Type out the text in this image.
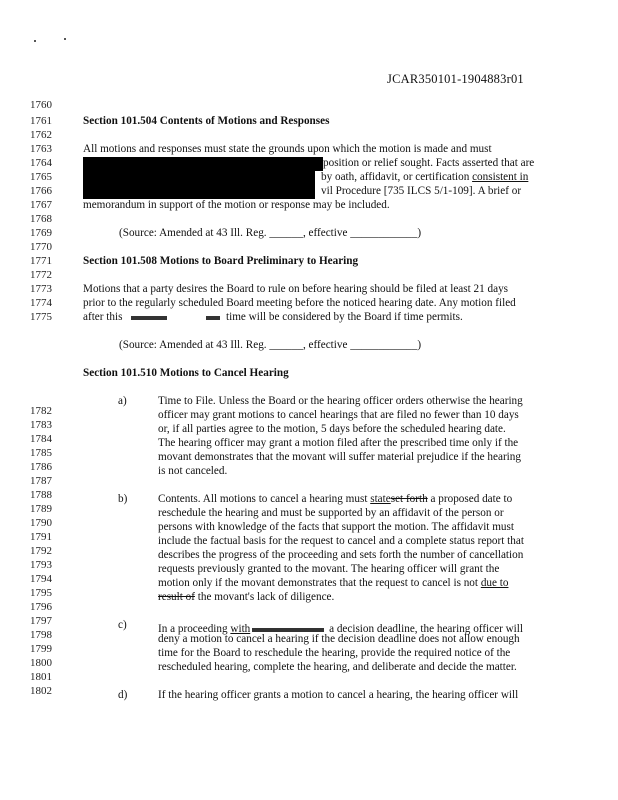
JCAR350101-1904883r01
1760
1761
1762
1763
1764
1765
1766
1767
1768
1769
1770
1771
1772
1773
1774
1775
1782
1783
1784
1785
1786
1787
1788
1789
1790
1791
1792
1793
1794
1795
1796
1797
1798
1799
1800
1801
1802
Section 101.504 Contents of Motions and Responses
All motions and responses must state the grounds upon which the motion is made and must
position or relief sought. Facts asserted that are
by oath, affidavit, or certification consistent in
vil Procedure [735 ILCS 5/1-109]. A brief or
memorandum in support of the motion or response may be included.
(Source: Amended at 43 Ill. Reg. ______, effective ____________)
Section 101.508 Motions to Board Preliminary to Hearing
Motions that a party desires the Board to rule on before hearing should be filed at least 21 days
prior to the regularly scheduled Board meeting before the noticed hearing date. Any motion filed
after this	time will be considered by the Board if time permits.
(Source: Amended at 43 Ill. Reg. ______, effective ____________)
Section 101.510 Motions to Cancel Hearing
a)	Time to File. Unless the Board or the hearing officer orders otherwise the hearing
officer may grant motions to cancel hearings that are filed no fewer than 10 days
or, if all parties agree to the motion, 5 days before the scheduled hearing date.
The hearing officer may grant a motion filed after the prescribed time only if the
movant demonstrates that the movant will suffer material prejudice if the hearing
is not canceled.
b)	Contents. All motions to cancel a hearing must stateset forth a proposed date to
reschedule the hearing and must be supported by an affidavit of the person or
persons with knowledge of the facts that support the motion. The affidavit must
include the factual basis for the request to cancel and a complete status report that
describes the progress of the proceeding and sets forth the number of cancellation
requests previously granted to the movant. The hearing officer will grant the
motion only if the movant demonstrates that the request to cancel is not due to
result of the movant's lack of diligence.
c)	In a proceeding with	a decision deadline, the hearing officer will
deny a motion to cancel a hearing if the decision deadline does not allow enough
time for the Board to reschedule the hearing, provide the required notice of the
rescheduled hearing, complete the hearing, and deliberate and decide the matter.
d)	If the hearing officer grants a motion to cancel a hearing, the hearing officer will
